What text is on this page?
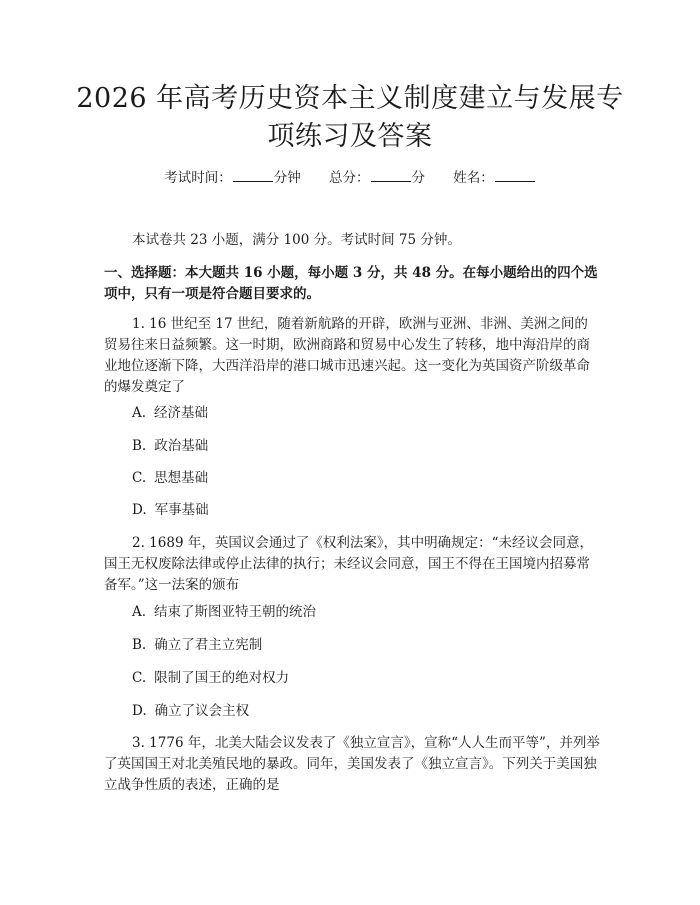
2026 年高考历史资本主义制度建立与发展专
项练习及答案
考试时间：	分钟 总分：	分 姓名：
本试卷共 23 小题，满分 100 分。考试时间 75 分钟。
一、选择题：本大题共 16 小题，每小题 3 分，共 48 分。在每小题给出的四个选项中，只有一项是符合题目要求的。
1. 16 世纪至 17 世纪，随着新航路的开辟，欧洲与亚洲、非洲、美洲之间的贸易往来日益频繁。这一时期，欧洲商路和贸易中心发生了转移，地中海沿岸的商业地位逐渐下降，大西洋沿岸的港口城市迅速兴起。这一变化为英国资产阶级革命的爆发奠定了
A. 经济基础
B. 政治基础
C. 思想基础
D. 军事基础
2. 1689 年，英国议会通过了《权利法案》，其中明确规定：“未经议会同意，国王无权废除法律或停止法律的执行；未经议会同意，国王不得在王国境内招募常备军。”这一法案的颁布
A. 结束了斯图亚特王朝的统治
B. 确立了君主立宪制
C. 限制了国王的绝对权力
D. 确立了议会主权
3. 1776 年，北美大陆会议发表了《独立宣言》，宣称“人人生而平等”，并列举了英国国王对北美殖民地的暴政。同年，美国发表了《独立宣言》。下列关于美国独立战争性质的表述，正确的是
